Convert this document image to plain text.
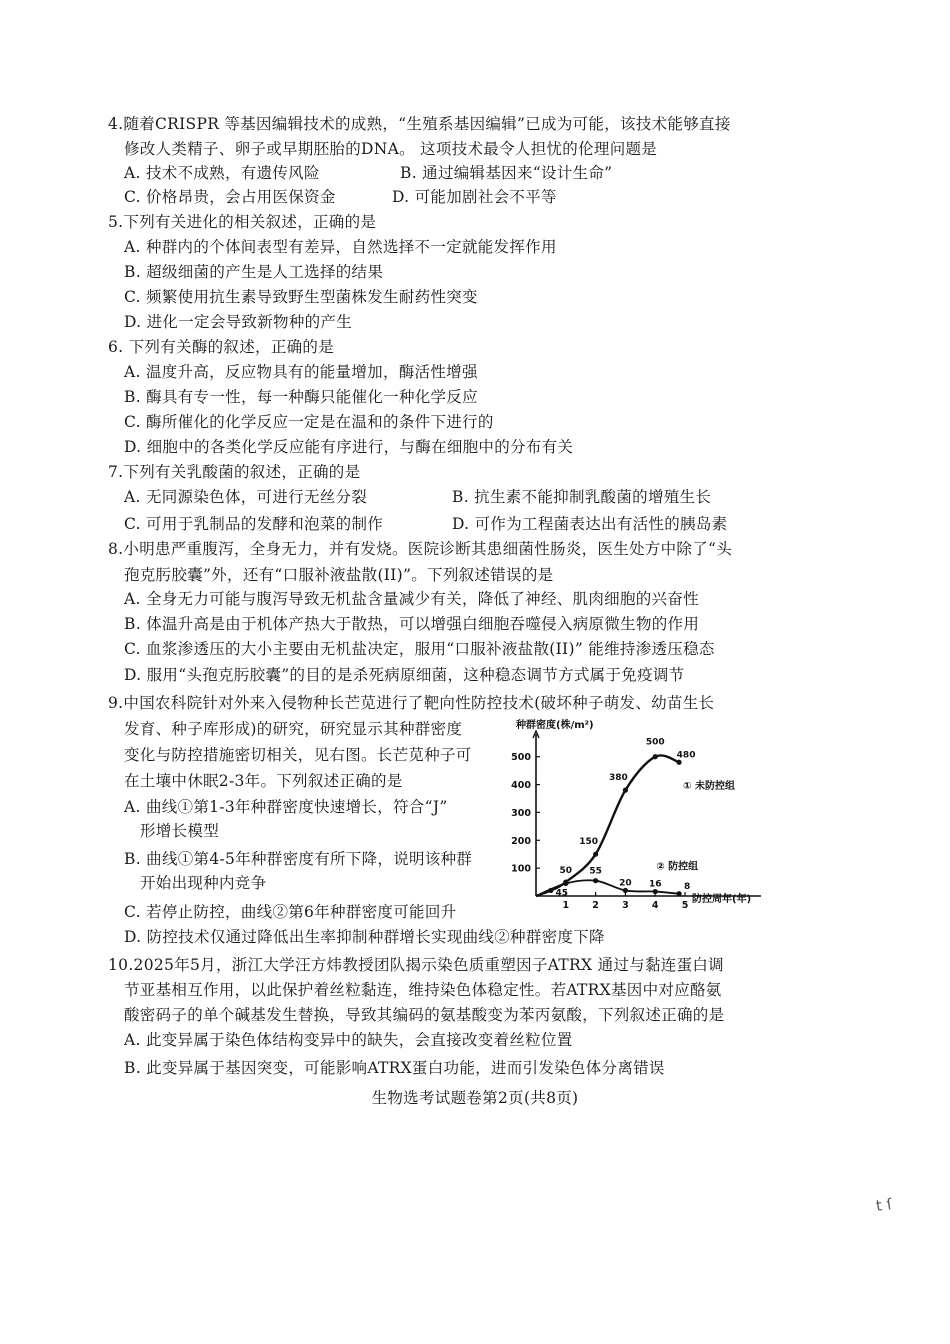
4.随着CRISPR 等基因编辑技术的成熟，“生殖系基因编辑”已成为可能，该技术能够直接
修改人类精子、卵子或早期胚胎的DNA。 这项技术最令人担忧的伦理问题是
A. 技术不成熟，有遗传风险	B. 通过编辑基因来“设计生命”
C. 价格昂贵，会占用医保资金	D. 可能加剧社会不平等
5.下列有关进化的相关叙述，正确的是
A. 种群内的个体间表型有差异，自然选择不一定就能发挥作用
B. 超级细菌的产生是人工选择的结果
C. 频繁使用抗生素导致野生型菌株发生耐药性突变
D. 进化一定会导致新物种的产生
6. 下列有关酶的叙述，正确的是
A. 温度升高，反应物具有的能量增加，酶活性增强
B. 酶具有专一性，每一种酶只能催化一种化学反应
C. 酶所催化的化学反应一定是在温和的条件下进行的
D. 细胞中的各类化学反应能有序进行，与酶在细胞中的分布有关
7.下列有关乳酸菌的叙述，正确的是
A. 无同源染色体，可进行无丝分裂	B. 抗生素不能抑制乳酸菌的增殖生长
C. 可用于乳制品的发酵和泡菜的制作	D. 可作为工程菌表达出有活性的胰岛素
8.小明患严重腹泻，全身无力，并有发烧。医院诊断其患细菌性肠炎，医生处方中除了“头
孢克肟胶囊”外，还有“口服补液盐散(II)”。下列叙述错误的是
A. 全身无力可能与腹泻导致无机盐含量减少有关，降低了神经、肌肉细胞的兴奋性
B. 体温升高是由于机体产热大于散热，可以增强白细胞吞噬侵入病原微生物的作用
C. 血浆渗透压的大小主要由无机盐决定，服用“口服补液盐散(II)” 能维持渗透压稳态
D. 服用“头孢克肟胶囊”的目的是杀死病原细菌，这种稳态调节方式属于免疫调节
9.中国农科院针对外来入侵物种长芒苋进行了靶向性防控技术(破坏种子萌发、幼苗生长
发育、种子库形成)的研究，研究显示其种群密度
变化与防控措施密切相关，见右图。长芒苋种子可
在土壤中休眠2-3年。下列叙述正确的是
A. 曲线①第1-3年种群密度快速增长，符合“J”
形增长模型
B. 曲线①第4-5年种群密度有所下降，说明该种群
开始出现种内竞争
C. 若停止防控，曲线②第6年种群密度可能回升
D. 防控技术仅通过降低出生率抑制种群增长实现曲线②种群密度下降
种群密度(株/m²)
100
200
300
400
500
1 2 3 4 5
50
150
380
500
480
① 未防控组
45
55
20 16 8
② 防控组
防控周年(年)
10.2025年5月，浙江大学汪方炜教授团队揭示染色质重塑因子ATRX 通过与黏连蛋白调
节亚基相互作用，以此保护着丝粒黏连，维持染色体稳定性。若ATRX基因中对应酪氨
酸密码子的单个碱基发生替换，导致其编码的氨基酸变为苯丙氨酸，下列叙述正确的是
A. 此变异属于染色体结构变异中的缺失，会直接改变着丝粒位置
B. 此变异属于基因突变，可能影响ATRX蛋白功能，进而引发染色体分离错误
生物选考试题卷第2页(共8页)
t ſ
